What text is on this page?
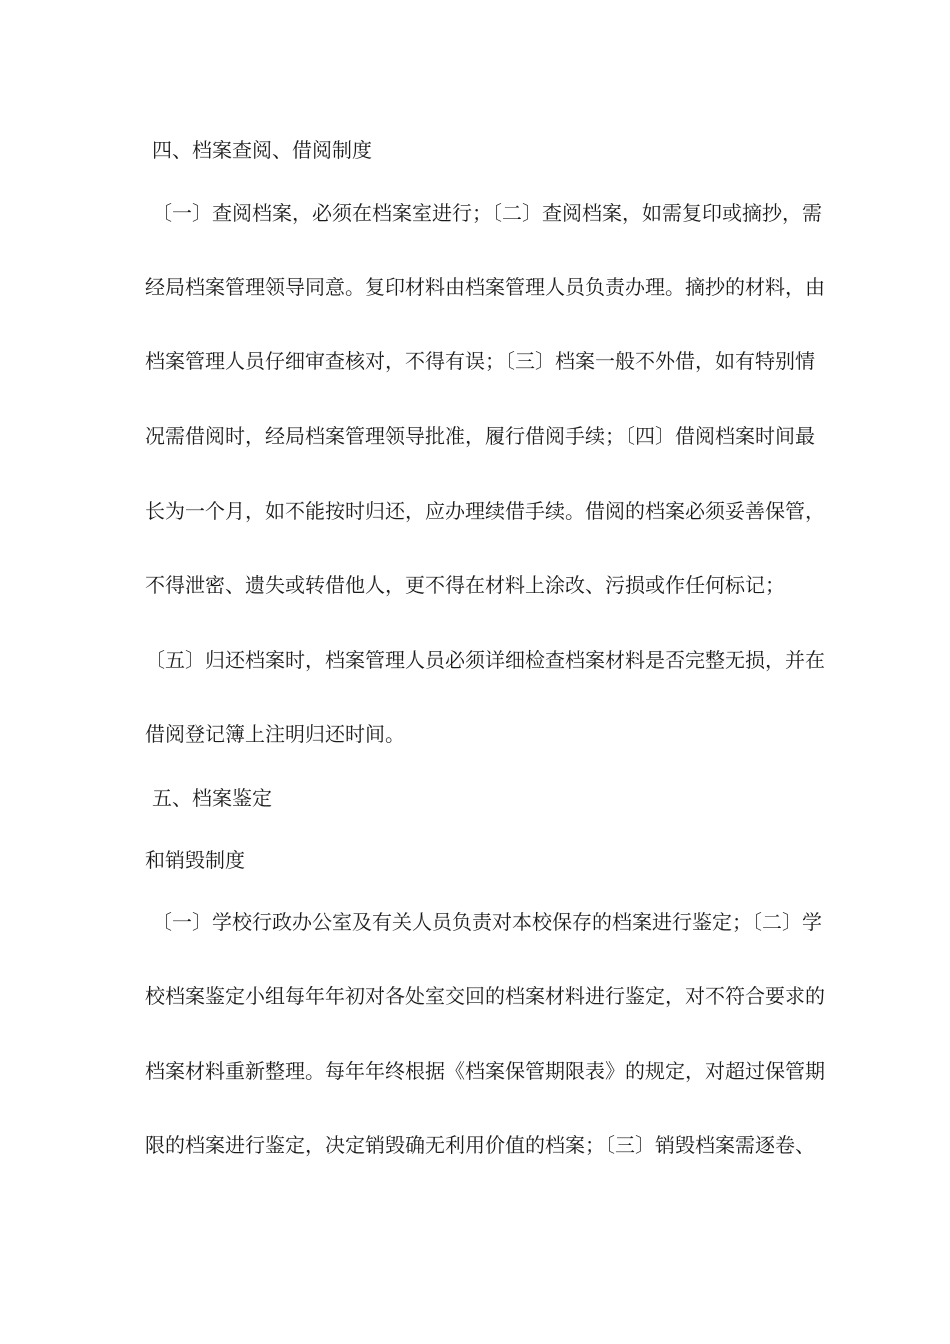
四、档案查阅、借阅制度
〔一〕查阅档案，必须在档案室进行；〔二〕查阅档案，如需复印或摘抄，需
经局档案管理领导同意。复印材料由档案管理人员负责办理。摘抄的材料，由
档案管理人员仔细审查核对，不得有误；〔三〕档案一般不外借，如有特别情
况需借阅时，经局档案管理领导批准，履行借阅手续；〔四〕借阅档案时间最
长为一个月，如不能按时归还，应办理续借手续。借阅的档案必须妥善保管，
不得泄密、遗失或转借他人，更不得在材料上涂改、污损或作任何标记；
〔五〕归还档案时，档案管理人员必须详细检查档案材料是否完整无损，并在
借阅登记簿上注明归还时间。
五、档案鉴定
和销毁制度
〔一〕学校行政办公室及有关人员负责对本校保存的档案进行鉴定；〔二〕学
校档案鉴定小组每年年初对各处室交回的档案材料进行鉴定，对不符合要求的
档案材料重新整理。每年年终根据《档案保管期限表》的规定，对超过保管期
限的档案进行鉴定，决定销毁确无利用价值的档案；〔三〕销毁档案需逐卷、
